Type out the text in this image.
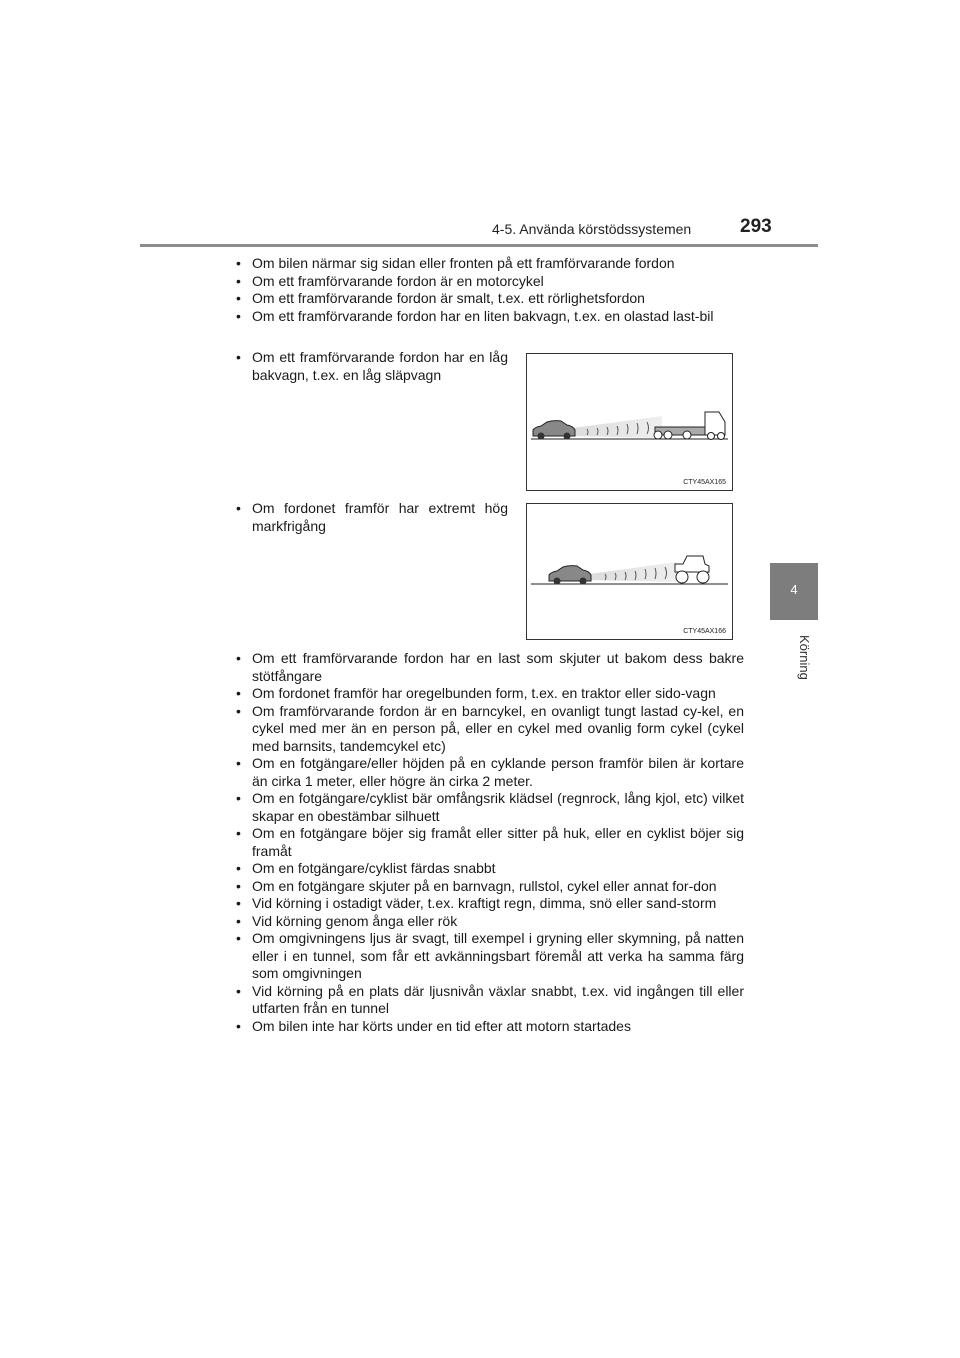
4-5. Använda körstödssystemen	293
4
Körning
• Om bilen närmar sig sidan eller fronten på ett framförvarande fordon
• Om ett framförvarande fordon är en motorcykel
• Om ett framförvarande fordon är smalt, t.ex. ett rörlighetsfordon
• Om ett framförvarande fordon har en liten bakvagn, t.ex. en olastad last-bil
• Om ett framförvarande fordon har en låg bakvagn, t.ex. en låg släpvagn
CTY45AX165
• Om fordonet framför har extremt hög markfrigång
CTY45AX166
• Om ett framförvarande fordon har en last som skjuter ut bakom dess bakre stötfångare
• Om fordonet framför har oregelbunden form, t.ex. en traktor eller sido-vagn
• Om framförvarande fordon är en barncykel, en ovanligt tungt lastad cy-kel, en cykel med mer än en person på, eller en cykel med ovanlig form cykel (cykel med barnsits, tandemcykel etc)
• Om en fotgängare/eller höjden på en cyklande person framför bilen är kortare än cirka 1 meter, eller högre än cirka 2 meter.
• Om en fotgängare/cyklist bär omfångsrik klädsel (regnrock, lång kjol, etc) vilket skapar en obestämbar silhuett
• Om en fotgängare böjer sig framåt eller sitter på huk, eller en cyklist böjer sig framåt
• Om en fotgängare/cyklist färdas snabbt
• Om en fotgängare skjuter på en barnvagn, rullstol, cykel eller annat for-don
• Vid körning i ostadigt väder, t.ex. kraftigt regn, dimma, snö eller sand-storm
• Vid körning genom ånga eller rök
• Om omgivningens ljus är svagt, till exempel i gryning eller skymning, på natten eller i en tunnel, som får ett avkänningsbart föremål att verka ha samma färg som omgivningen
• Vid körning på en plats där ljusnivån växlar snabbt, t.ex. vid ingången till eller utfarten från en tunnel
• Om bilen inte har körts under en tid efter att motorn startades
